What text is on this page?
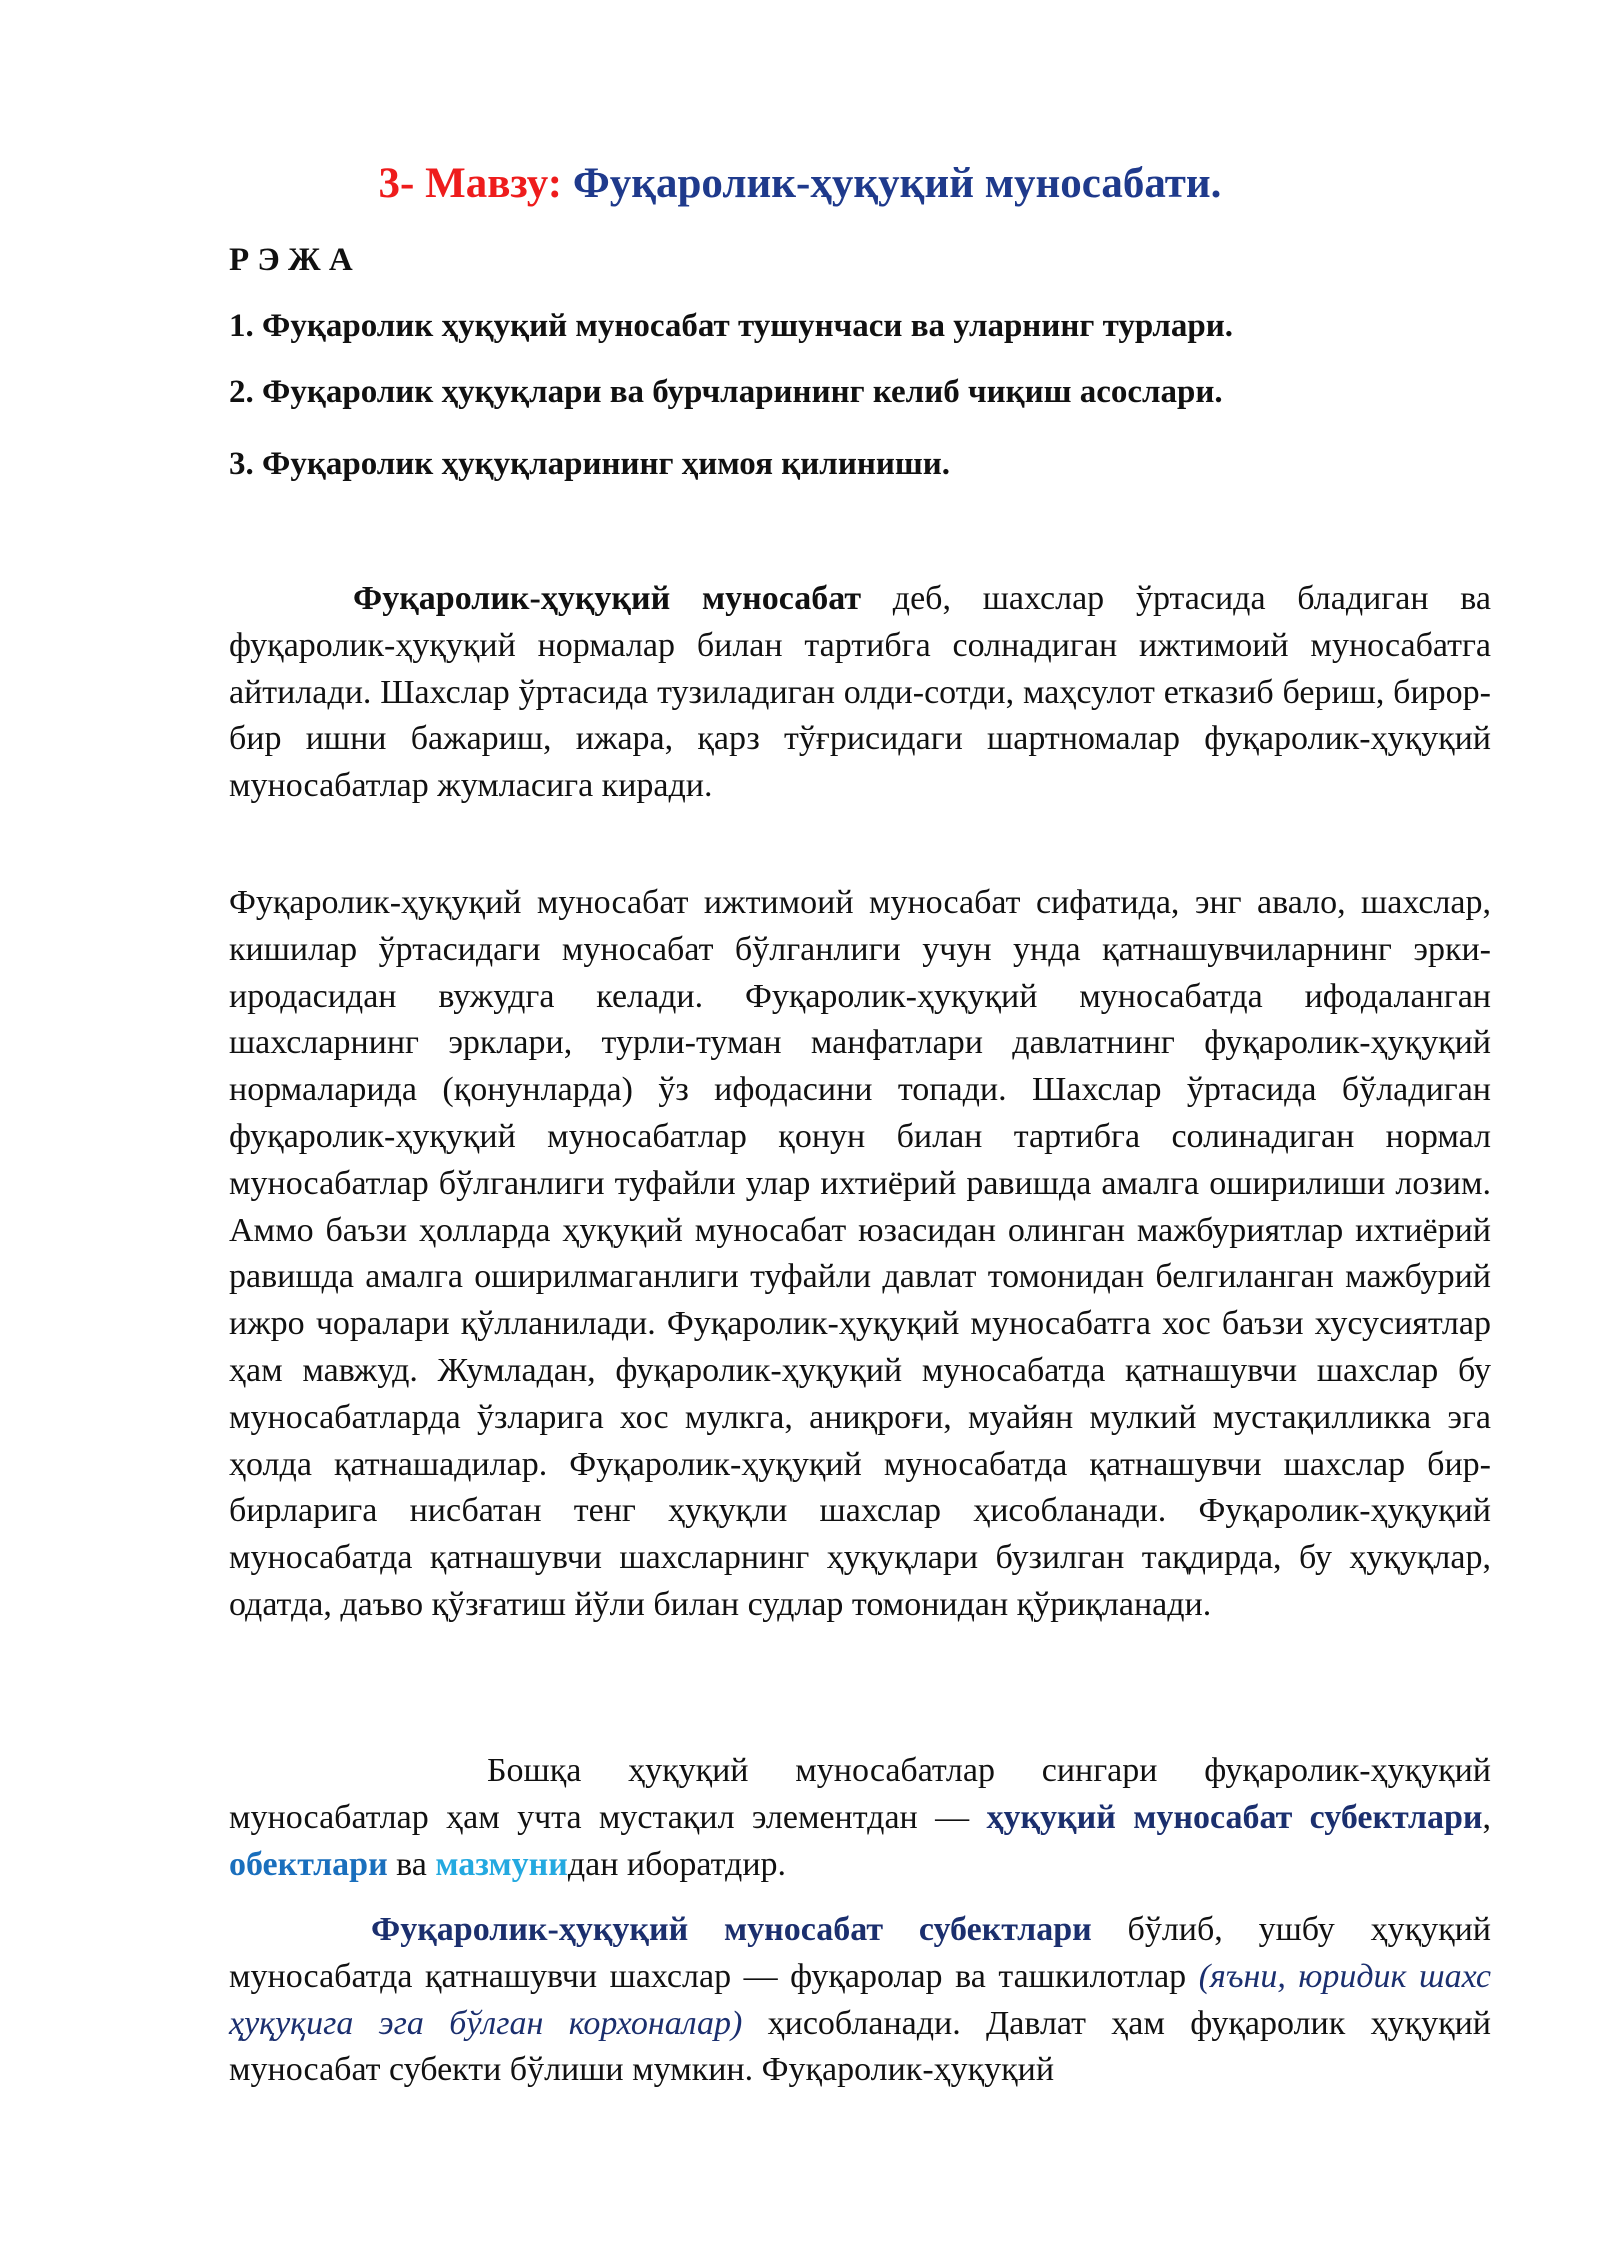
3- Мавзу: Фуқаролик-ҳуқуқий муносабати.
Р Э Ж А
1. Фуқаролик ҳуқуқий муносабат тушунчаси ва уларнинг турлари.
2. Фуқаролик ҳуқуқлари ва бурчларининг келиб чиқиш асослари.
3. Фуқаролик ҳуқуқларининг ҳимоя қилиниши.
Фуқаролик-ҳуқуқий муносабат деб, шахслар ўртасида бладиган ва фуқаролик-ҳуқуқий нормалар билан тартибга солнадиган ижтимоий муносабатга айтилади. Шахслар ўртасида тузиладиган олди-сотди, маҳсулот етказиб бериш, бирор-бир ишни бажариш, ижара, қарз тўғрисидаги шартномалар фуқаролик-ҳуқуқий муносабатлар жумласига киради.
Фуқаролик-ҳуқуқий муносабат ижтимоий муносабат сифатида, энг авало, шахслар, кишилар ўртасидаги муносабат бўлганлиги учун унда қатнашувчиларнинг эрки-иродасидан вужудга келади. Фуқаролик-ҳуқуқий муносабатда ифодаланган шахсларнинг эрклари, турли-туман манфатлари давлатнинг фуқаролик-ҳуқуқий нормаларида (қонунларда) ўз ифодасини топади. Шахслар ўртасида бўладиган фуқаролик-ҳуқуқий муносабатлар қонун билан тартибга солинадиган нормал муносабатлар бўлганлиги туфайли улар ихтиёрий равишда амалга оширилиши лозим. Аммо баъзи ҳолларда ҳуқуқий муносабат юзасидан олинган мажбуриятлар ихтиёрий равишда амалга оширилмаганлиги туфайли давлат томонидан белгиланган мажбурий ижро чоралари қўлланилади. Фуқаролик-ҳуқуқий муносабатга хос баъзи хусусиятлар ҳам мавжуд. Жумладан, фуқаролик-ҳуқуқий муносабатда қатнашувчи шахслар бу муносабатларда ўзларига хос мулкга, аниқроғи, муайян мулкий мустақилликка эга ҳолда қатнашадилар. Фуқаролик-ҳуқуқий муносабатда қатнашувчи шахслар бир-бирларига нисбатан тенг ҳуқуқли шахслар ҳисобланади. Фуқаролик-ҳуқуқий муносабатда қатнашувчи шахсларнинг ҳуқуқлари бузилган тақдирда, бу ҳуқуқлар, одатда, даъво қўзғатиш йўли билан судлар томонидан қўриқланади.
Бошқа ҳуқуқий муносабатлар сингари фуқаролик-ҳуқуқий муносабатлар ҳам учта мустақил элементдан — ҳуқуқий муносабат субектлари, обектлари ва мазмунидан иборатдир.
Фуқаролик-ҳуқуқий муносабат субектлари бўлиб, ушбу ҳуқуқий муносабатда қатнашувчи шахслар — фуқаролар ва ташкилотлар (яъни, юридик шахс ҳуқуқига эга бўлган корхоналар) ҳисобланади. Давлат ҳам фуқаролик ҳуқуқий муносабат субекти бўлиши мумкин. Фуқаролик-ҳуқуқий
